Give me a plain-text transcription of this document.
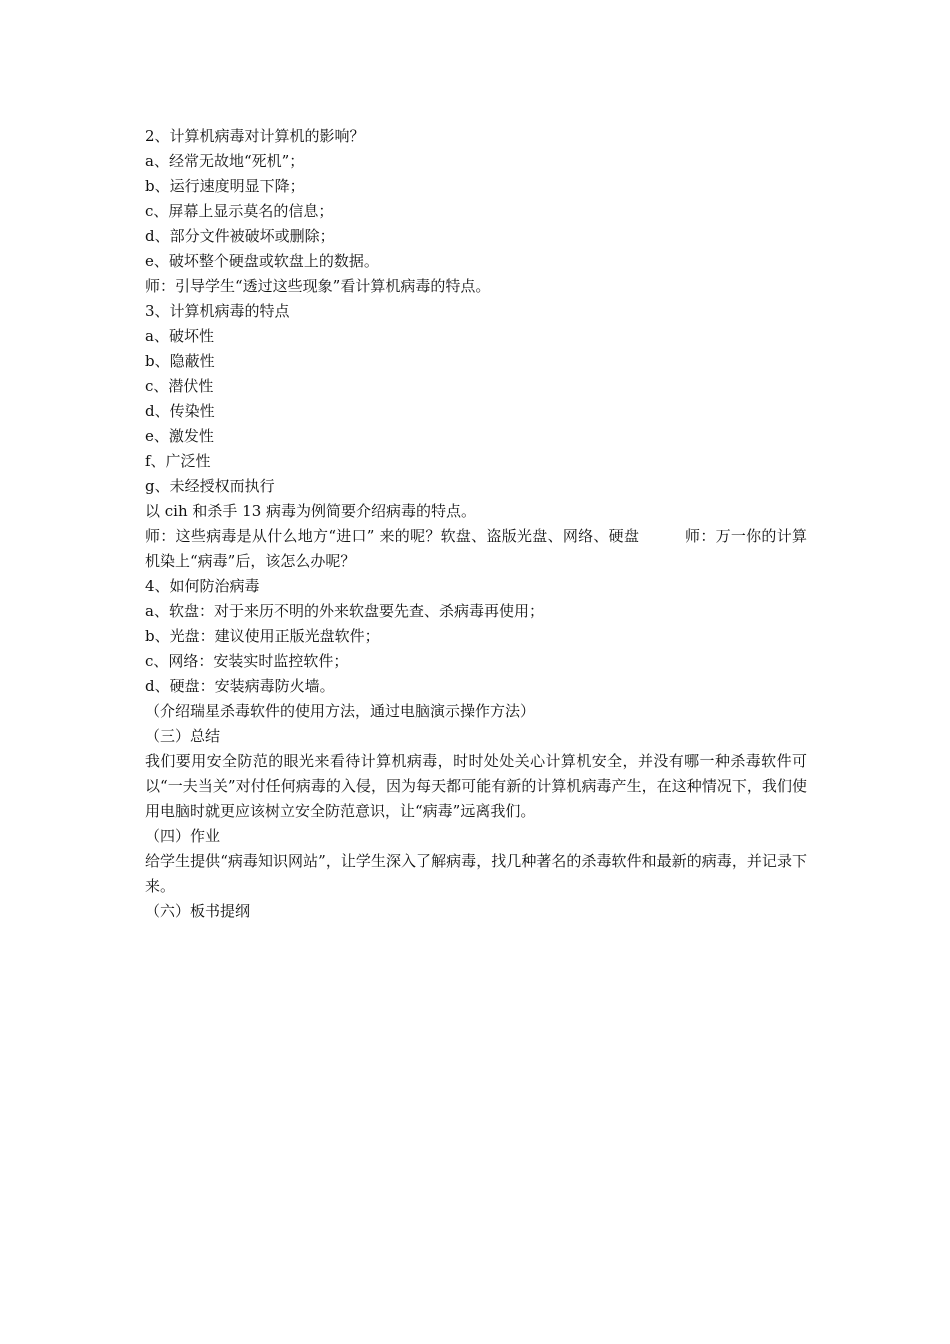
2、计算机病毒对计算机的影响？
a、经常无故地“死机”；
b、运行速度明显下降；
c、屏幕上显示莫名的信息；
d、部分文件被破坏或删除；
e、破坏整个硬盘或软盘上的数据。
师：引导学生“透过这些现象”看计算机病毒的特点。
3、计算机病毒的特点
a、破坏性
b、隐蔽性
c、潜伏性
d、传染性
e、激发性
f、广泛性
g、未经授权而执行
以 cih 和杀手 13 病毒为例简要介绍病毒的特点。
师：这些病毒是从什么地方“进口” 来的呢？软盘、盗版光盘、网络、硬盘　　　师：万一你的计算机染上“病毒”后，该怎么办呢？
4、如何防治病毒
a、软盘：对于来历不明的外来软盘要先查、杀病毒再使用；
b、光盘：建议使用正版光盘软件；
c、网络：安装实时监控软件；
d、硬盘：安装病毒防火墙。
（介绍瑞星杀毒软件的使用方法，通过电脑演示操作方法）
（三）总结
我们要用安全防范的眼光来看待计算机病毒，时时处处关心计算机安全，并没有哪一种杀毒软件可以“一夫当关”对付任何病毒的入侵，因为每天都可能有新的计算机病毒产生，在这种情况下，我们使用电脑时就更应该树立安全防范意识，让“病毒”远离我们。
（四）作业
给学生提供“病毒知识网站”，让学生深入了解病毒，找几种著名的杀毒软件和最新的病毒，并记录下来。
（六）板书提纲
